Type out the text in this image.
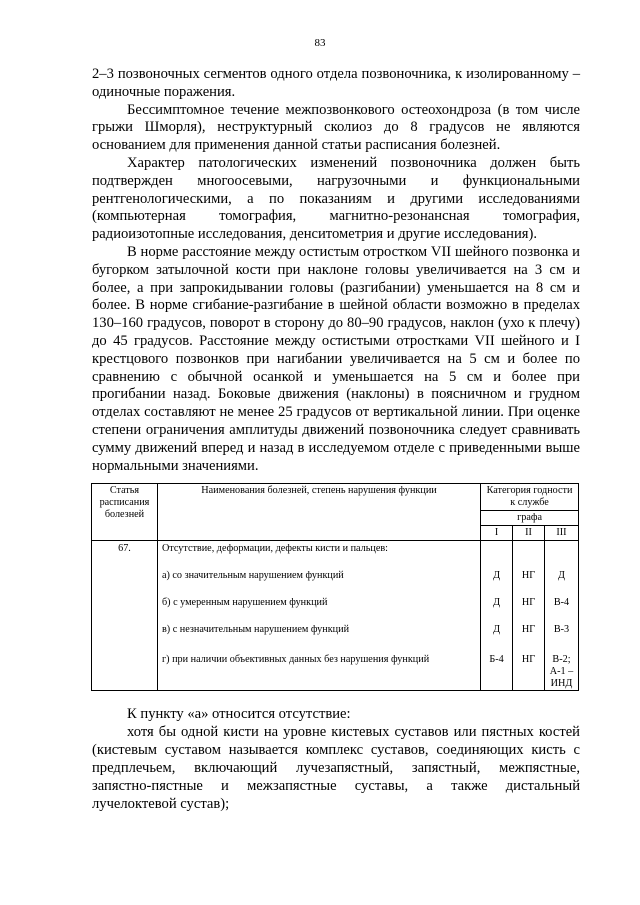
83

2–3 позвоночных сегментов одного отдела позвоночника, к изолированному – одиночные поражения.

Бессимптомное течение межпозвонкового остеохондроза (в том числе грыжи Шморля), неструктурный сколиоз до 8 градусов не являются основанием для применения данной статьи расписания болезней.

Характер патологических изменений позвоночника должен быть подтвержден многоосевыми, нагрузочными и функциональными рентгенологическими, а по показаниям и другими исследованиями (компьютерная томография, магнитно-резонансная томография, радиоизотопные исследования, денситометрия и другие исследования).

В норме расстояние между остистым отростком VII шейного позвонка и бугорком затылочной кости при наклоне головы увеличивается на 3 см и более, а при запрокидывании головы (разгибании) уменьшается на 8 см и более. В норме сгибание-разгибание в шейной области возможно в пределах 130–160 градусов, поворот в сторону до 80–90 градусов, наклон (ухо к плечу) до 45 градусов. Расстояние между остистыми отростками VII шейного и I крестцового позвонков при нагибании увеличивается на 5 см и более по сравнению с обычной осанкой и уменьшается на 5 см и более при прогибании назад. Боковые движения (наклоны) в поясничном и грудном отделах составляют не менее 25 градусов от вертикальной линии. При оценке степени ограничения амплитуды движений позвоночника следует сравнивать сумму движений вперед и назад в исследуемом отделе с приведенными выше нормальными значениями.

Статья расписания болезней	Наименования болезней, степень нарушения функции	Категория годности к службе		
		графа		
		I	II	III
67.	Отсутствие, деформации, дефекты кисти и пальцев:			
	а) со значительным нарушением функций	Д	НГ	Д
	б) с умеренным нарушением функций	Д	НГ	В-4
	в) с незначительным нарушением функций	Д	НГ	В-3
	г) при наличии объективных данных без нарушения функций	Б-4	НГ	В-2;
А-1 –
ИНД

К пункту «а» относится отсутствие:

хотя бы одной кисти на уровне кистевых суставов или пястных костей (кистевым суставом называется комплекс суставов, соединяющих кисть с предплечьем, включающий лучезапястный, запястный, межпястные, запястно-пястные и межзапястные суставы, а также дистальный лучелоктевой сустав);
